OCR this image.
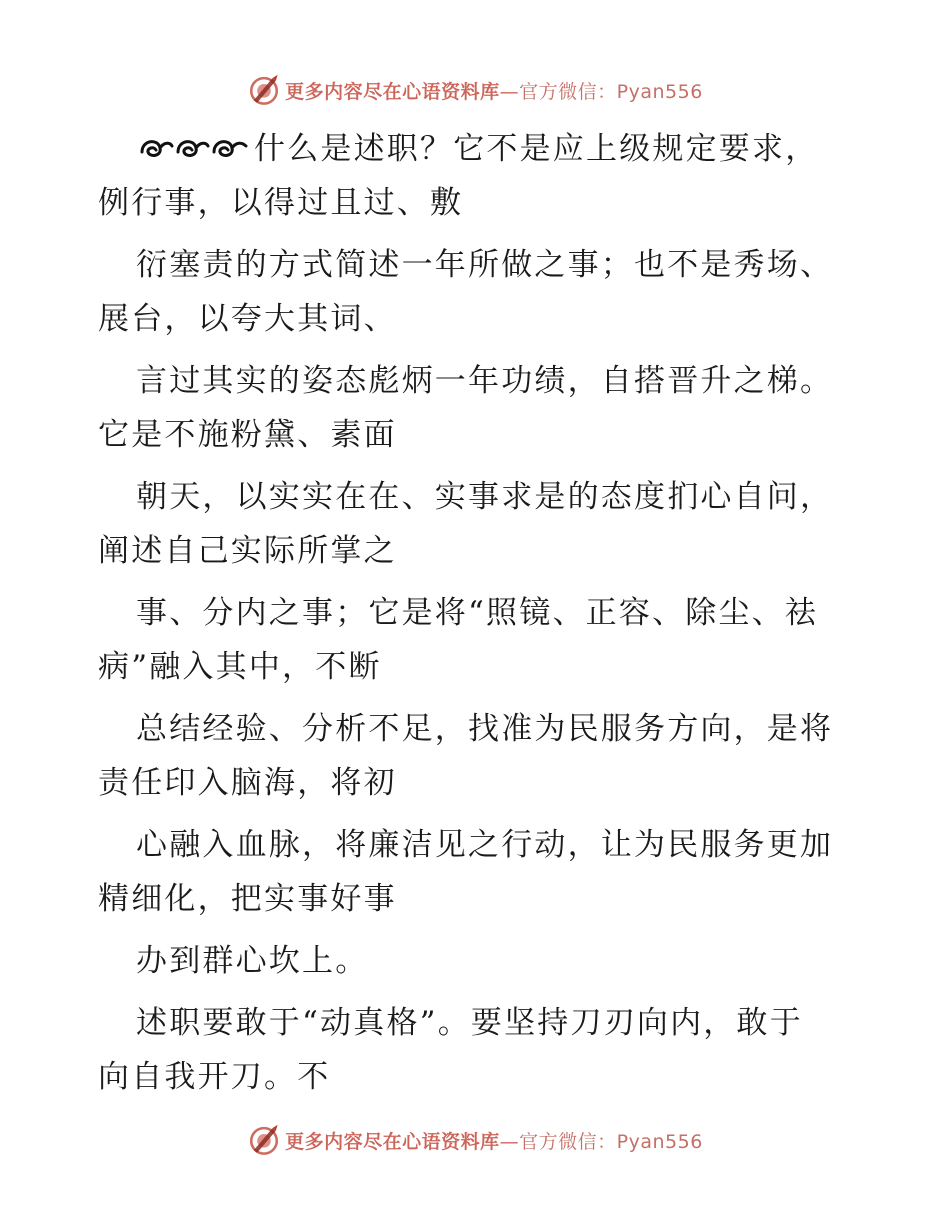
更多内容尽在心语资料库—官方微信：Pyan556

什么是述职？它不是应上级规定要求，
例行事，以得过且过、敷

衍塞责的方式简述一年所做之事；也不是秀场、
展台，以夸大其词、

言过其实的姿态彪炳一年功绩，自搭晋升之梯。
它是不施粉黛、素面

朝天，以实实在在、实事求是的态度扪心自问，
阐述自己实际所掌之

事、分内之事；它是将“照镜、正容、除尘、祛
病”融入其中，不断

总结经验、分析不足，找准为民服务方向，是将
责任印入脑海，将初

心融入血脉，将廉洁见之行动，让为民服务更加
精细化，把实事好事

办到群心坎上。

述职要敢于“动真格”。要坚持刀刃向内，敢于
向自我开刀。不

更多内容尽在心语资料库—官方微信：Pyan556
